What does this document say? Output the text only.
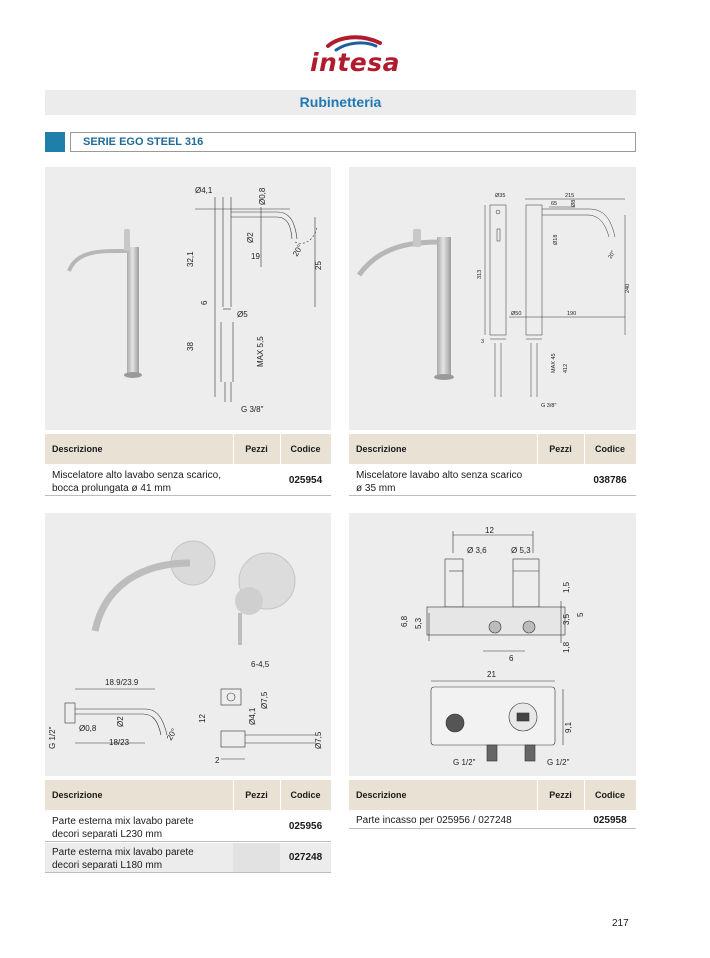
intesa
Rubinetteria
SERIE EGO STEEL 316
Ø4,1	Ø0,8
Ø2
19	20°
32,1	25
6
Ø5
38	MAX 5,5
G 3/8"
Descrizione	Pezzi	Codice
Miscelatore alto lavabo senza scarico,
bocca prolungata ø 41 mm
025954
Ø35	215
65	Ø8
Ø18
20°
313
240
Ø50	190
MAX 45 412
G 3/8"
3
Descrizione	Pezzi	Codice
Miscelatore lavabo alto senza scarico
ø 35 mm
038786
6-4,5
18.9/23.9
Ø7,5
Ø4,1
12
Ø0,8
Ø2
G 1/2"	18/23
20°	Ø7,5
2
Descrizione	Pezzi	Codice
Parte esterna mix lavabo parete
decori separati L230 mm
025956
Parte esterna mix lavabo parete
decori separati L180 mm
027248
12
Ø 3,6	Ø 5,3
1,5
6,8 5,3	3,5 5
6
1,8
21
9,1
G 1/2"	G 1/2"
Descrizione	Pezzi	Codice
Parte incasso per 025956 / 027248	025958
217
